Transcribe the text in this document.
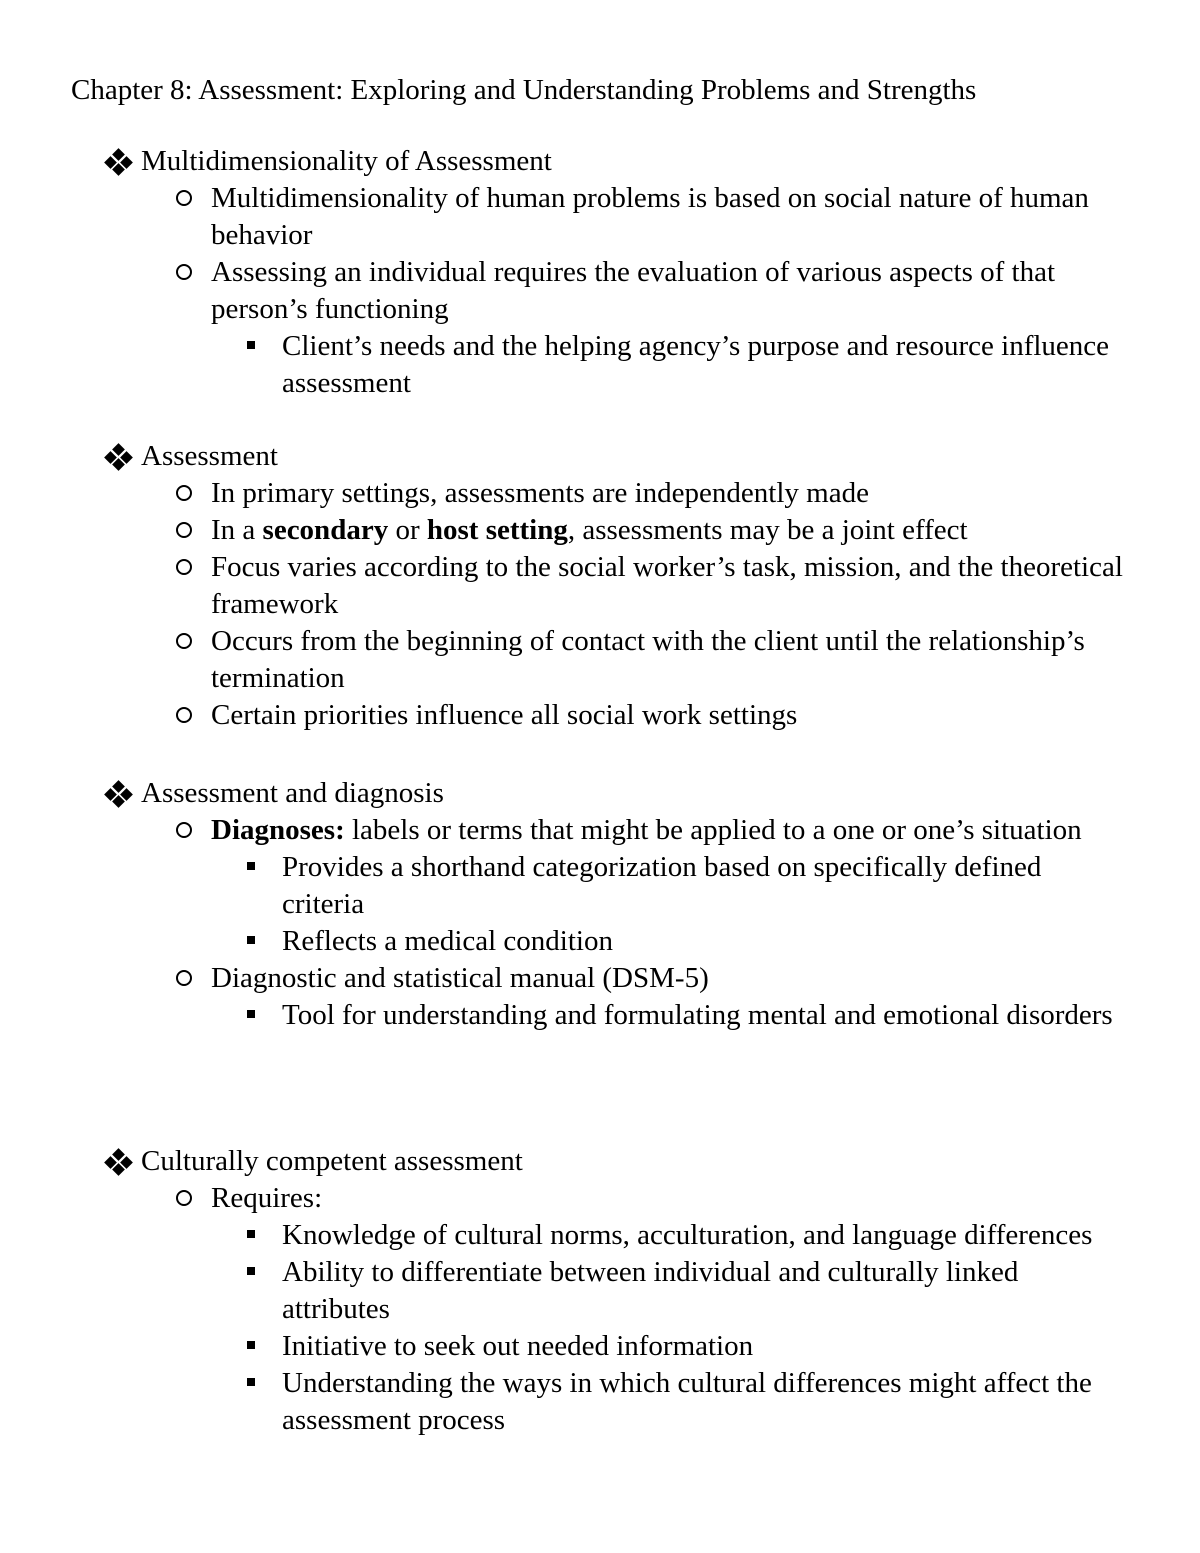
Chapter 8: Assessment: Exploring and Understanding Problems and Strengths
Multidimensionality of Assessment
Multidimensionality of human problems is based on social nature of human behavior
Assessing an individual requires the evaluation of various aspects of that person’s functioning
Client’s needs and the helping agency’s purpose and resource influence assessment
Assessment
In primary settings, assessments are independently made
In a secondary or host setting, assessments may be a joint effect
Focus varies according to the social worker’s task, mission, and the theoretical framework
Occurs from the beginning of contact with the client until the relationship’s termination
Certain priorities influence all social work settings
Assessment and diagnosis
Diagnoses: labels or terms that might be applied to a one or one’s situation
Provides a shorthand categorization based on specifically defined criteria
Reflects a medical condition
Diagnostic and statistical manual (DSM-5)
Tool for understanding and formulating mental and emotional disorders
Culturally competent assessment
Requires:
Knowledge of cultural norms, acculturation, and language differences
Ability to differentiate between individual and culturally linked attributes
Initiative to seek out needed information
Understanding the ways in which cultural differences might affect the assessment process
